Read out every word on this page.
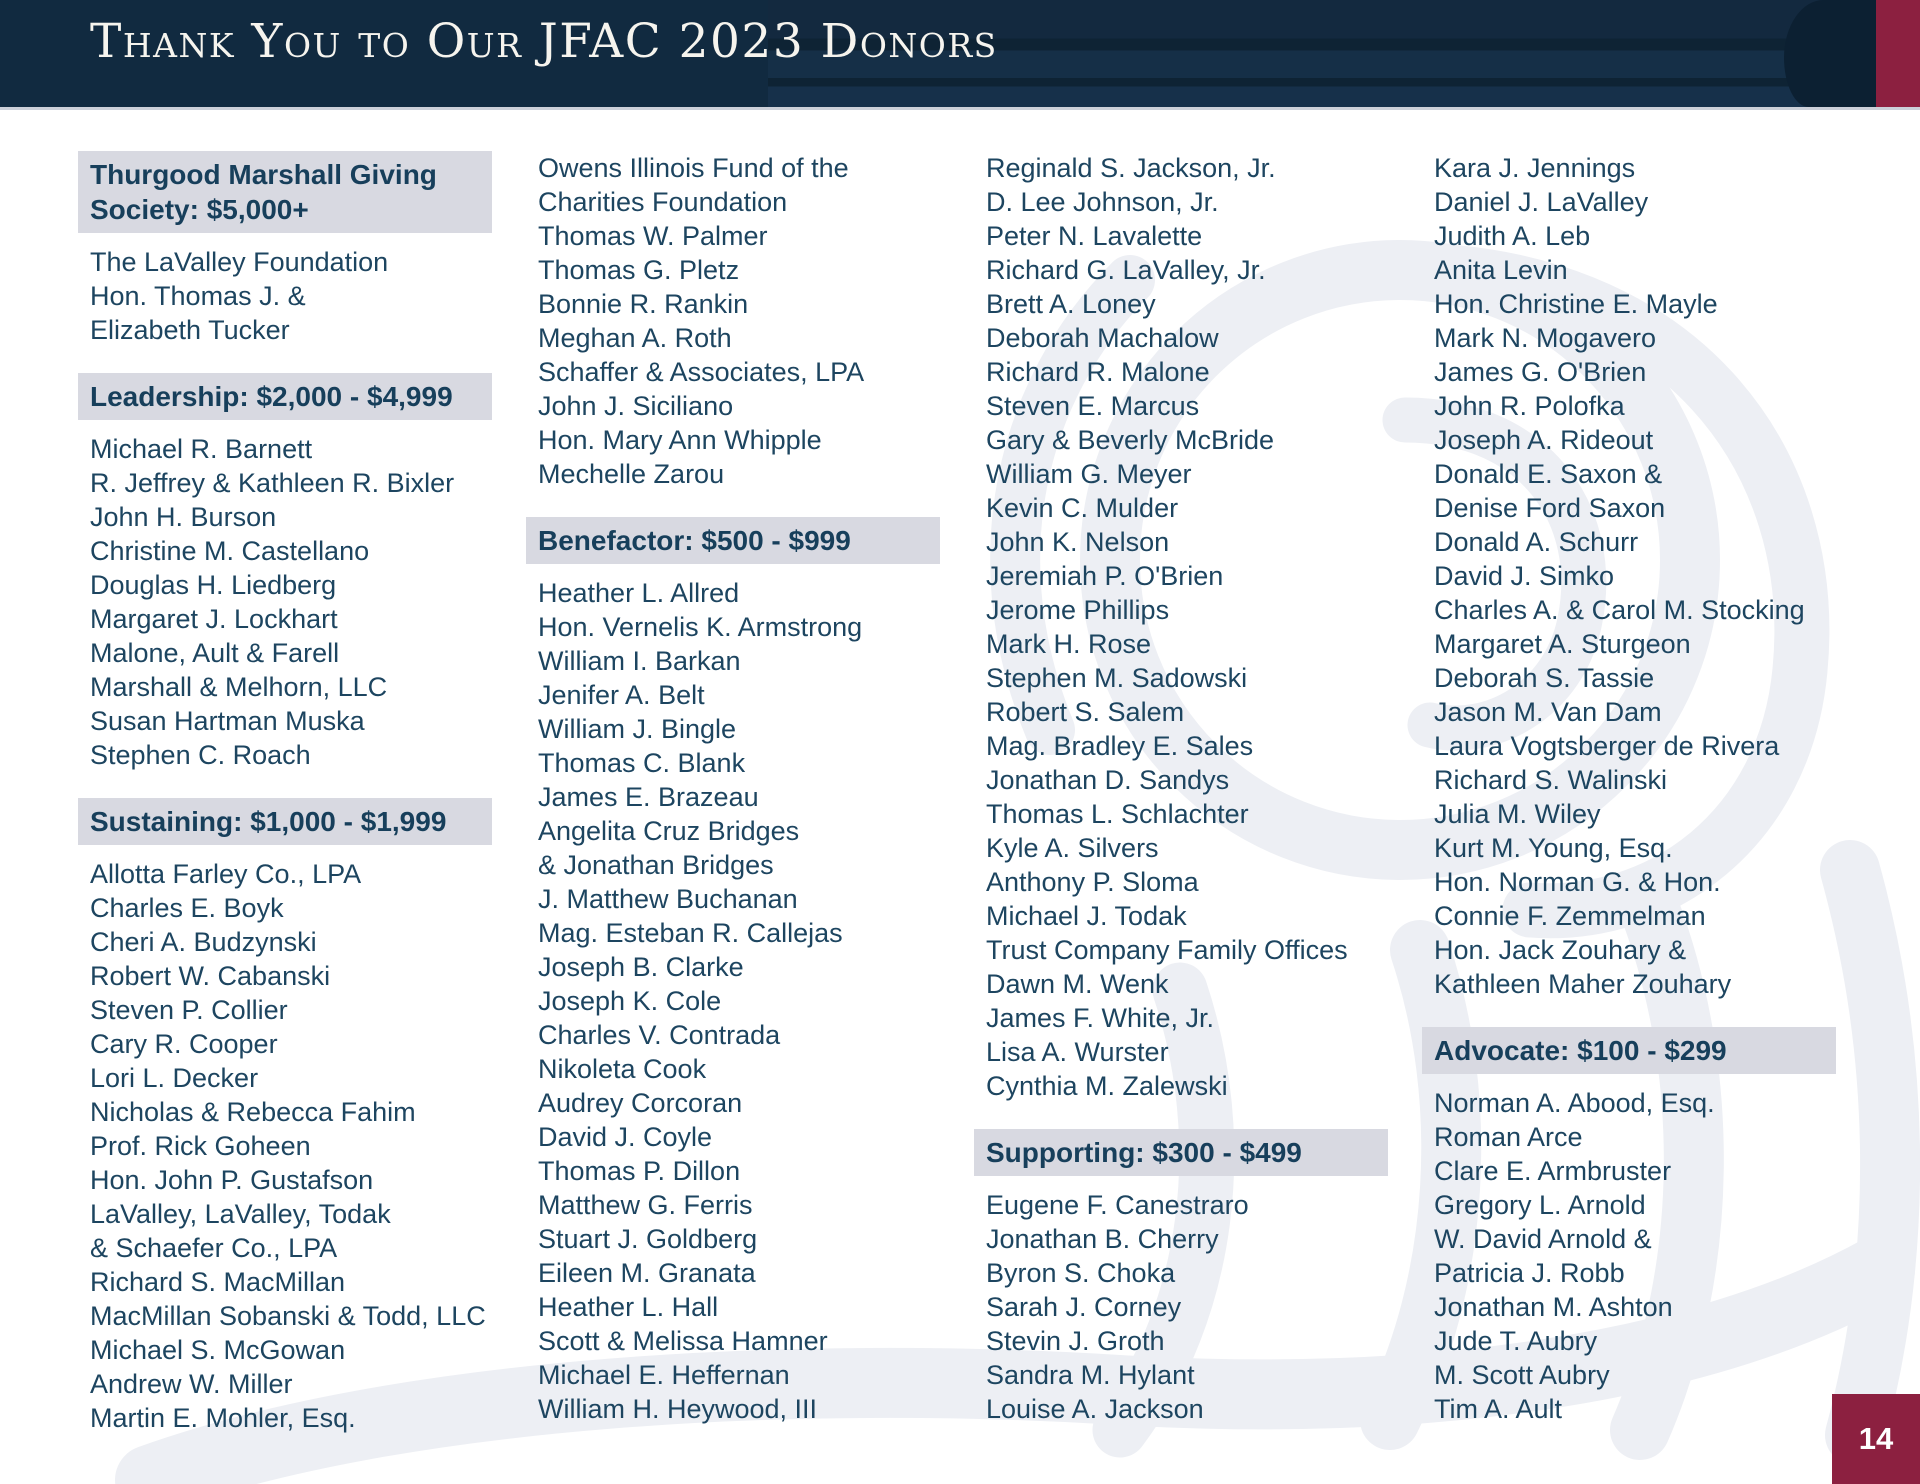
Thank You to Our JFAC 2023 Donors
Thurgood Marshall Giving Society: $5,000+
The LaValley Foundation
Hon. Thomas J. &
Elizabeth Tucker
Leadership: $2,000 - $4,999
Michael R. Barnett
R. Jeffrey & Kathleen R. Bixler
John H. Burson
Christine M. Castellano
Douglas H. Liedberg
Margaret J. Lockhart
Malone, Ault & Farell
Marshall & Melhorn, LLC
Susan Hartman Muska
Stephen C. Roach
Sustaining: $1,000 - $1,999
Allotta Farley Co., LPA
Charles E. Boyk
Cheri A. Budzynski
Robert W. Cabanski
Steven P. Collier
Cary R. Cooper
Lori L. Decker
Nicholas & Rebecca Fahim
Prof. Rick Goheen
Hon. John P. Gustafson
LaValley, LaValley, Todak
& Schaefer Co., LPA
Richard S. MacMillan
MacMillan Sobanski & Todd, LLC
Michael S. McGowan
Andrew W. Miller
Martin E. Mohler, Esq.
Owens Illinois Fund of the
Charities Foundation
Thomas W. Palmer
Thomas G. Pletz
Bonnie R. Rankin
Meghan A. Roth
Schaffer & Associates, LPA
John J. Siciliano
Hon. Mary Ann Whipple
Mechelle Zarou
Benefactor: $500 - $999
Heather L. Allred
Hon. Vernelis K. Armstrong
William I. Barkan
Jenifer A. Belt
William J. Bingle
Thomas C. Blank
James E. Brazeau
Angelita Cruz Bridges
& Jonathan Bridges
J. Matthew Buchanan
Mag. Esteban R. Callejas
Joseph B. Clarke
Joseph K. Cole
Charles V. Contrada
Nikoleta Cook
Audrey Corcoran
David J. Coyle
Thomas P. Dillon
Matthew G. Ferris
Stuart J. Goldberg
Eileen M. Granata
Heather L. Hall
Scott & Melissa Hamner
Michael E. Heffernan
William H. Heywood, III
Reginald S. Jackson, Jr.
D. Lee Johnson, Jr.
Peter N. Lavalette
Richard G. LaValley, Jr.
Brett A. Loney
Deborah Machalow
Richard R. Malone
Steven E. Marcus
Gary & Beverly McBride
William G. Meyer
Kevin C. Mulder
John K. Nelson
Jeremiah P. O'Brien
Jerome Phillips
Mark H. Rose
Stephen M. Sadowski
Robert S. Salem
Mag. Bradley E. Sales
Jonathan D. Sandys
Thomas L. Schlachter
Kyle A. Silvers
Anthony P. Sloma
Michael J. Todak
Trust Company Family Offices
Dawn M. Wenk
James F. White, Jr.
Lisa A. Wurster
Cynthia M. Zalewski
Supporting: $300 - $499
Eugene F. Canestraro
Jonathan B. Cherry
Byron S. Choka
Sarah J. Corney
Stevin J. Groth
Sandra M. Hylant
Louise A. Jackson
Kara J. Jennings
Daniel J. LaValley
Judith A. Leb
Anita Levin
Hon. Christine E. Mayle
Mark N. Mogavero
James G. O'Brien
John R. Polofka
Joseph A. Rideout
Donald E. Saxon &
Denise Ford Saxon
Donald A. Schurr
David J. Simko
Charles A. & Carol M. Stocking
Margaret A. Sturgeon
Deborah S. Tassie
Jason M. Van Dam
Laura Vogtsberger de Rivera
Richard S. Walinski
Julia M. Wiley
Kurt M. Young, Esq.
Hon. Norman G. & Hon.
Connie F. Zemmelman
Hon. Jack Zouhary &
Kathleen Maher Zouhary
Advocate: $100 - $299
Norman A. Abood, Esq.
Roman Arce
Clare E. Armbruster
Gregory L. Arnold
W. David Arnold &
Patricia J. Robb
Jonathan M. Ashton
Jude T. Aubry
M. Scott Aubry
Tim A. Ault
14
